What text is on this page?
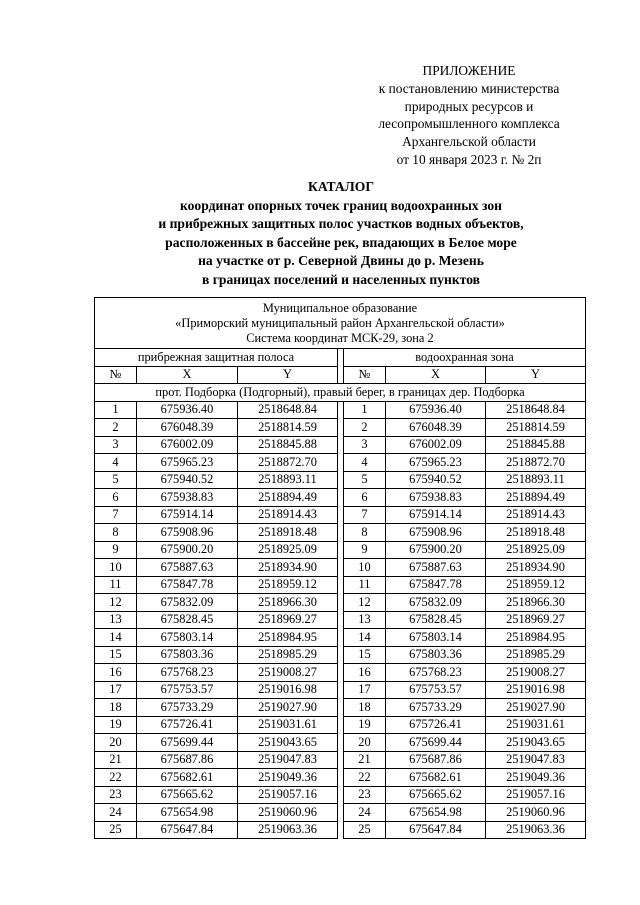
ПРИЛОЖЕНИЕ
к постановлению министерства
природных ресурсов и
лесопромышленного комплекса
Архангельской области
от 10 января 2023 г. № 2п
КАТАЛОГ
координат опорных точек границ водоохранных зон
и прибрежных защитных полос участков водных объектов,
расположенных в бассейне рек, впадающих в Белое море
на участке от р. Северной Двины до р. Мезень
в границах поселений и населенных пунктов
Муниципальное образование
«Приморский муниципальный район Архангельской области»
Система координат МСК-29, зона 2						

прибрежная защитная полоса				водоохранная зона		
№	X	Y		№	X	Y
прот. Подборка (Подгорный), правый берег, в границах дер. Подборка						
1	675936.40	2518648.84		1	675936.40	2518648.84
2	676048.39	2518814.59		2	676048.39	2518814.59
3	676002.09	2518845.88		3	676002.09	2518845.88
4	675965.23	2518872.70		4	675965.23	2518872.70
5	675940.52	2518893.11		5	675940.52	2518893.11
6	675938.83	2518894.49		6	675938.83	2518894.49
7	675914.14	2518914.43		7	675914.14	2518914.43
8	675908.96	2518918.48		8	675908.96	2518918.48
9	675900.20	2518925.09		9	675900.20	2518925.09
10	675887.63	2518934.90		10	675887.63	2518934.90
11	675847.78	2518959.12		11	675847.78	2518959.12
12	675832.09	2518966.30		12	675832.09	2518966.30
13	675828.45	2518969.27		13	675828.45	2518969.27
14	675803.14	2518984.95		14	675803.14	2518984.95
15	675803.36	2518985.29		15	675803.36	2518985.29
16	675768.23	2519008.27		16	675768.23	2519008.27
17	675753.57	2519016.98		17	675753.57	2519016.98
18	675733.29	2519027.90		18	675733.29	2519027.90
19	675726.41	2519031.61		19	675726.41	2519031.61
20	675699.44	2519043.65		20	675699.44	2519043.65
21	675687.86	2519047.83		21	675687.86	2519047.83
22	675682.61	2519049.36		22	675682.61	2519049.36
23	675665.62	2519057.16		23	675665.62	2519057.16
24	675654.98	2519060.96		24	675654.98	2519060.96
25	675647.84	2519063.36		25	675647.84	2519063.36
